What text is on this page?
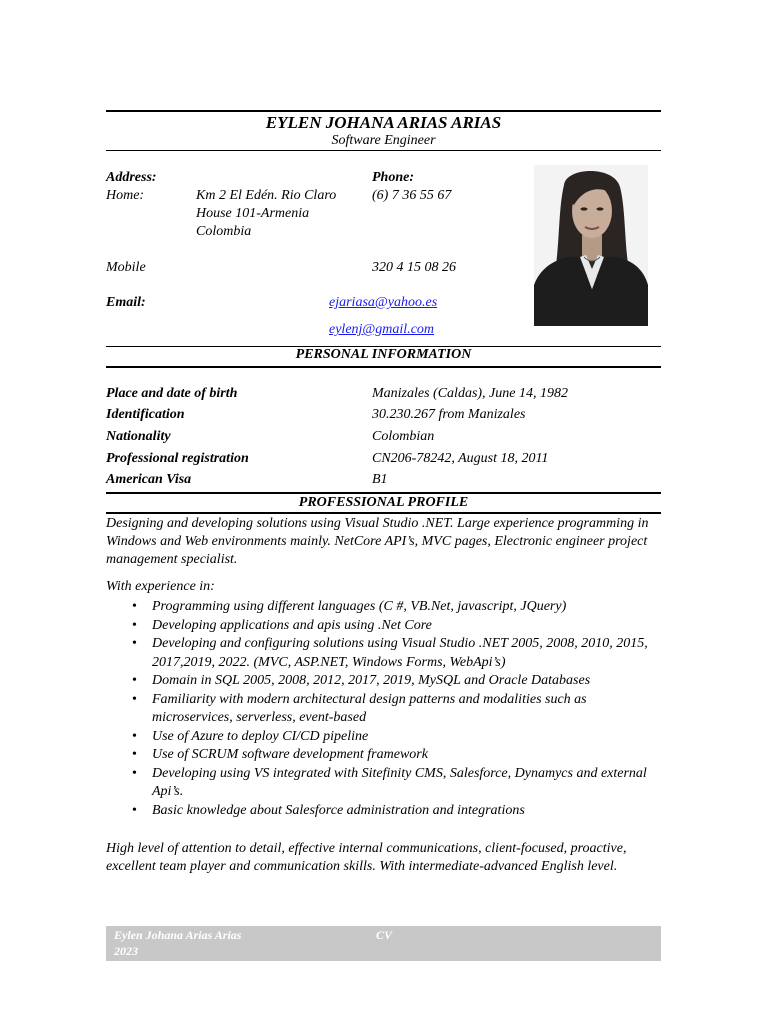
EYLEN JOHANA ARIAS ARIAS
Software Engineer
Address:
Home:	Km 2 El Edén. Rio Claro
House 101-Armenia
Colombia
Phone:
(6) 7 36 55 67
Mobile	320 4 15 08 26
Email:	ejariasa@yahoo.es
eylenj@gmail.com
PERSONAL INFORMATION
Place and date of birth	Manizales (Caldas), June 14, 1982
Identification	30.230.267 from Manizales
Nationality	Colombian
Professional registration	CN206-78242, August 18, 2011
American Visa	B1
PROFESSIONAL PROFILE
Designing and developing solutions using Visual Studio .NET. Large experience programming in Windows and Web environments mainly. NetCore API’s, MVC pages, Electronic engineer project management specialist.
With experience in:
• Programming using different languages (C #, VB.Net, javascript, JQuery)
• Developing applications and apis using .Net Core
• Developing and configuring solutions using Visual Studio .NET 2005, 2008, 2010, 2015, 2017,2019, 2022. (MVC, ASP.NET, Windows Forms, WebApi’s)
• Domain in SQL 2005, 2008, 2012, 2017, 2019, MySQL and Oracle Databases
• Familiarity with modern architectural design patterns and modalities such as microservices, serverless, event-based
• Use of Azure to deploy CI/CD pipeline
• Use of SCRUM software development framework
• Developing using VS integrated with Sitefinity CMS, Salesforce, Dynamycs and external Api’s.
• Basic knowledge about Salesforce administration and integrations
High level of attention to detail, effective internal communications, client-focused, proactive, excellent team player and communication skills. With intermediate-advanced English level.
Eylen Johana Arias Arias	CV
2023
